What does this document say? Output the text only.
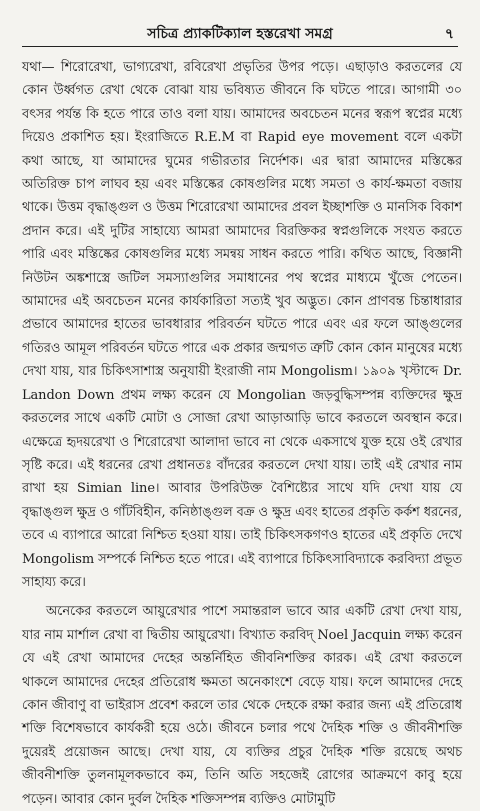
সচিত্র প্র্যাকটিক্যাল হস্তরেখা সমগ্র	৭

যথা— শিরোরেখা, ভাগ্যরেখা, রবিরেখা প্রভৃতির উপর পড়ে। এছাড়াও করতলের যে কোন উর্ধ্বগত রেখা থেকে বোঝা যায় ভবিষ্যত জীবনে কি ঘটতে পারে। আগামী ৩০ বৎসর পর্যন্ত কি হতে পারে তাও বলা যায়। আমাদের অবচেতন মনের স্বরূপ স্বপ্নের মধ্যে দিয়েও প্রকাশিত হয়। ইংরাজিতে R.E.M বা Rapid eye movement বলে একটা কথা আছে, যা আমাদের ঘুমের গভীরতার নির্দেশক। এর দ্বারা আমাদের মস্তিষ্কের অতিরিক্ত চাপ লাঘব হয় এবং মস্তিষ্কের কোষগুলির মধ্যে সমতা ও কার্য-ক্ষমতা বজায় থাকে। উত্তম বৃদ্ধাঙ্গুল ও উত্তম শিরোরেখা আমাদের প্রবল ইচ্ছাশক্তি ও মানসিক বিকাশ প্রদান করে। এই দুটির সাহায্যে আমরা আমাদের বিরক্তিকর স্বপ্নগুলিকে সংযত করতে পারি এবং মস্তিষ্কের কোষগুলির মধ্যে সমন্বয় সাধন করতে পারি। কথিত আছে, বিজ্ঞানী নিউটন অঙ্কশাস্ত্রে জটিল সমস্যাগুলির সমাধানের পথ স্বপ্নের মাধ্যমে খুঁজে পেতেন। আমাদের এই অবচেতন মনের কার্যকারিতা সত্যই খুব অদ্ভুত। কোন প্রাণবন্ত চিন্তাধারার প্রভাবে আমাদের হাতের ভাবধারার পরিবর্তন ঘটতে পারে এবং এর ফলে আঙ্গুলের গতিরও আমূল পরিবর্তন ঘটতে পারে এক প্রকার জন্মগত ত্রুটি কোন কোন মানুষের মধ্যে দেখা যায়, যার চিকিৎসাশাস্ত্র অনুযায়ী ইংরাজী নাম Mongolism। ১৯০৯ খৃস্টাব্দে Dr. Landon Down প্রথম লক্ষ্য করেন যে Mongolian জড়বুদ্ধিসম্পন্ন ব্যক্তিদের ক্ষুদ্র করতলের সাথে একটি মোটা ও সোজা রেখা আড়াআড়ি ভাবে করতলে অবস্থান করে। এক্ষেত্রে হৃদয়রেখা ও শিরোরেখা আলাদা ভাবে না থেকে একসাথে যুক্ত হয়ে ওই রেখার সৃষ্টি করে। এই ধরনের রেখা প্রধানতঃ বাঁদরের করতলে দেখা যায়। তাই এই রেখার নাম রাখা হয় Simian line। আবার উপরিউক্ত বৈশিষ্ট্যের সাথে যদি দেখা যায় যে বৃদ্ধাঙ্গুল ক্ষুদ্র ও গাঁটবিহীন, কনিষ্ঠাঙ্গুল বক্র ও ক্ষুদ্র এবং হাতের প্রকৃতি কর্কশ ধরনের, তবে এ ব্যাপারে আরো নিশ্চিত হওয়া যায়। তাই চিকিৎসকগণও হাতের এই প্রকৃতি দেখে Mongolism সম্পর্কে নিশ্চিত হতে পারে। এই ব্যাপারে চিকিৎসাবিদ্যাকে করবিদ্যা প্রভূত সাহায্য করে।

অনেকের করতলে আয়ুরেখার পাশে সমান্তরাল ভাবে আর একটি রেখা দেখা যায়, যার নাম মার্শাল রেখা বা দ্বিতীয় আয়ুরেখা। বিখ্যাত করবিদ্ Noel Jacquin লক্ষ্য করেন যে এই রেখা আমাদের দেহের অন্তর্নিহিত জীবনিশক্তির কারক। এই রেখা করতলে থাকলে আমাদের দেহের প্রতিরোধ ক্ষমতা অনেকাংশে বেড়ে যায়। ফলে আমাদের দেহে কোন জীবাণু বা ভাইরাস প্রবেশ করলে তার থেকে দেহকে রক্ষা করার জন্য এই প্রতিরোধ শক্তি বিশেষভাবে কার্যকরী হয়ে ওঠে। জীবনে চলার পথে দৈহিক শক্তি ও জীবনীশক্তি দুয়েরই প্রয়োজন আছে। দেখা যায়, যে ব্যক্তির প্রচুর দৈহিক শক্তি রয়েছে অথচ জীবনীশক্তি তুলনামূলকভাবে কম, তিনি অতি সহজেই রোগের আক্রমণে কাবু হয়ে পড়েন। আবার কোন দুর্বল দৈহিক শক্তিসম্পন্ন ব্যক্তিও মোটামুটি
